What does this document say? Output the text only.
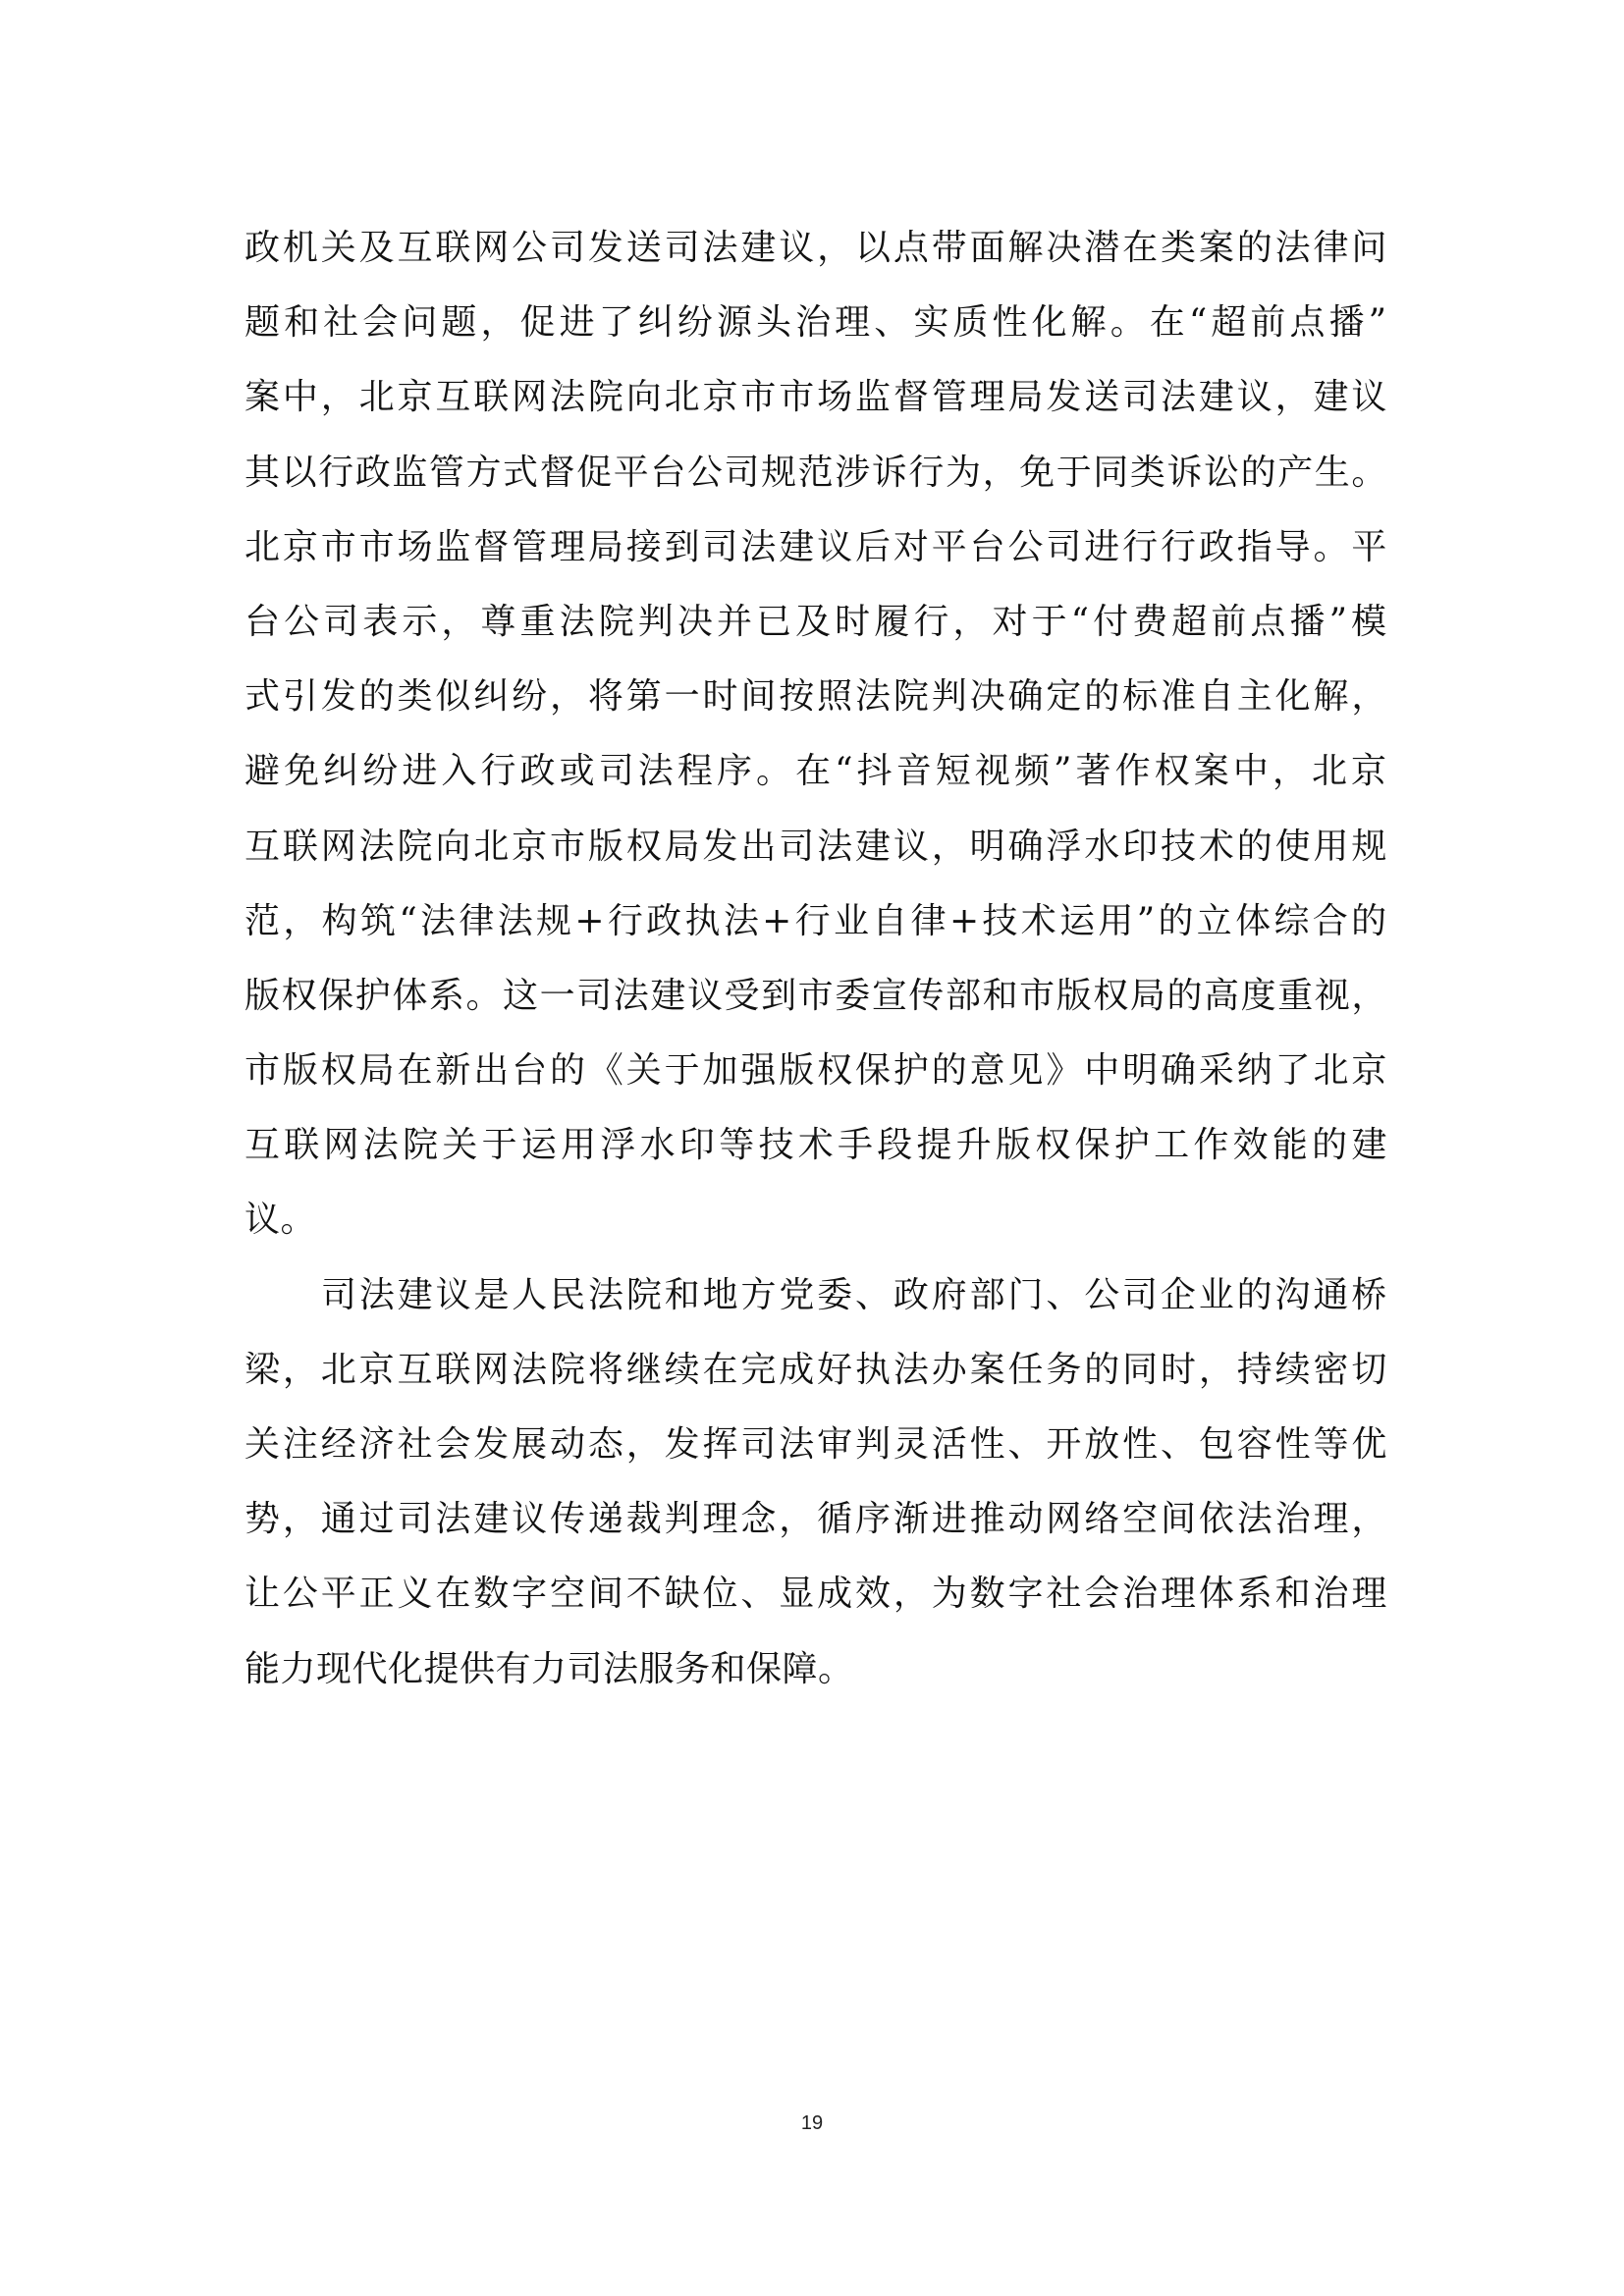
政 机 关 及 互 联 网 公 司 发 送 司 法 建 议 ， 以 点 带 面 解 决 潜 在 类 案 的 法 律 问
题 和 社 会 问 题 ， 促 进 了 纠 纷 源 头 治 理 、 实 质 性 化 解 。 在 “ 超 前 点 播 ”
案 中 ， 北 京 互 联 网 法 院 向 北 京 市 市 场 监 督 管 理 局 发 送 司 法 建 议 ， 建 议
其 以 行 政 监 管 方 式 督 促 平 台 公 司 规 范 涉 诉 行 为 ， 免 于 同 类 诉 讼 的 产 生 。
北 京 市 市 场 监 督 管 理 局 接 到 司 法 建 议 后 对 平 台 公 司 进 行 行 政 指 导 。 平
台 公 司 表 示 ， 尊 重 法 院 判 决 并 已 及 时 履 行 ， 对 于 “ 付 费 超 前 点 播 ” 模
式 引 发 的 类 似 纠 纷 ， 将 第 一 时 间 按 照 法 院 判 决 确 定 的 标 准 自 主 化 解 ，
避 免 纠 纷 进 入 行 政 或 司 法 程 序 。 在 “ 抖 音 短 视 频 ” 著 作 权 案 中 ， 北 京
互 联 网 法 院 向 北 京 市 版 权 局 发 出 司 法 建 议 ， 明 确 浮 水 印 技 术 的 使 用 规
范 ， 构 筑 “ 法 律 法 规 + 行 政 执 法 + 行 业 自 律 + 技 术 运 用 ” 的 立 体 综 合 的
版 权 保 护 体 系 。 这 一 司 法 建 议 受 到 市 委 宣 传 部 和 市 版 权 局 的 高 度 重 视 ，
市 版 权 局 在 新 出 台 的 《 关 于 加 强 版 权 保 护 的 意 见 》 中 明 确 采 纳 了 北 京
互 联 网 法 院 关 于 运 用 浮 水 印 等 技 术 手 段 提 升 版 权 保 护 工 作 效 能 的 建
议。
司 法 建 议 是 人 民 法 院 和 地 方 党 委 、 政 府 部 门 、 公 司 企 业 的 沟 通 桥
梁 ， 北 京 互 联 网 法 院 将 继 续 在 完 成 好 执 法 办 案 任 务 的 同 时 ， 持 续 密 切
关 注 经 济 社 会 发 展 动 态 ， 发 挥 司 法 审 判 灵 活 性 、 开 放 性 、 包 容 性 等 优
势 ， 通 过 司 法 建 议 传 递 裁 判 理 念 ， 循 序 渐 进 推 动 网 络 空 间 依 法 治 理 ，
让 公 平 正 义 在 数 字 空 间 不 缺 位 、 显 成 效 ， 为 数 字 社 会 治 理 体 系 和 治 理
能力现代化提供有力司法服务和保障。
19
